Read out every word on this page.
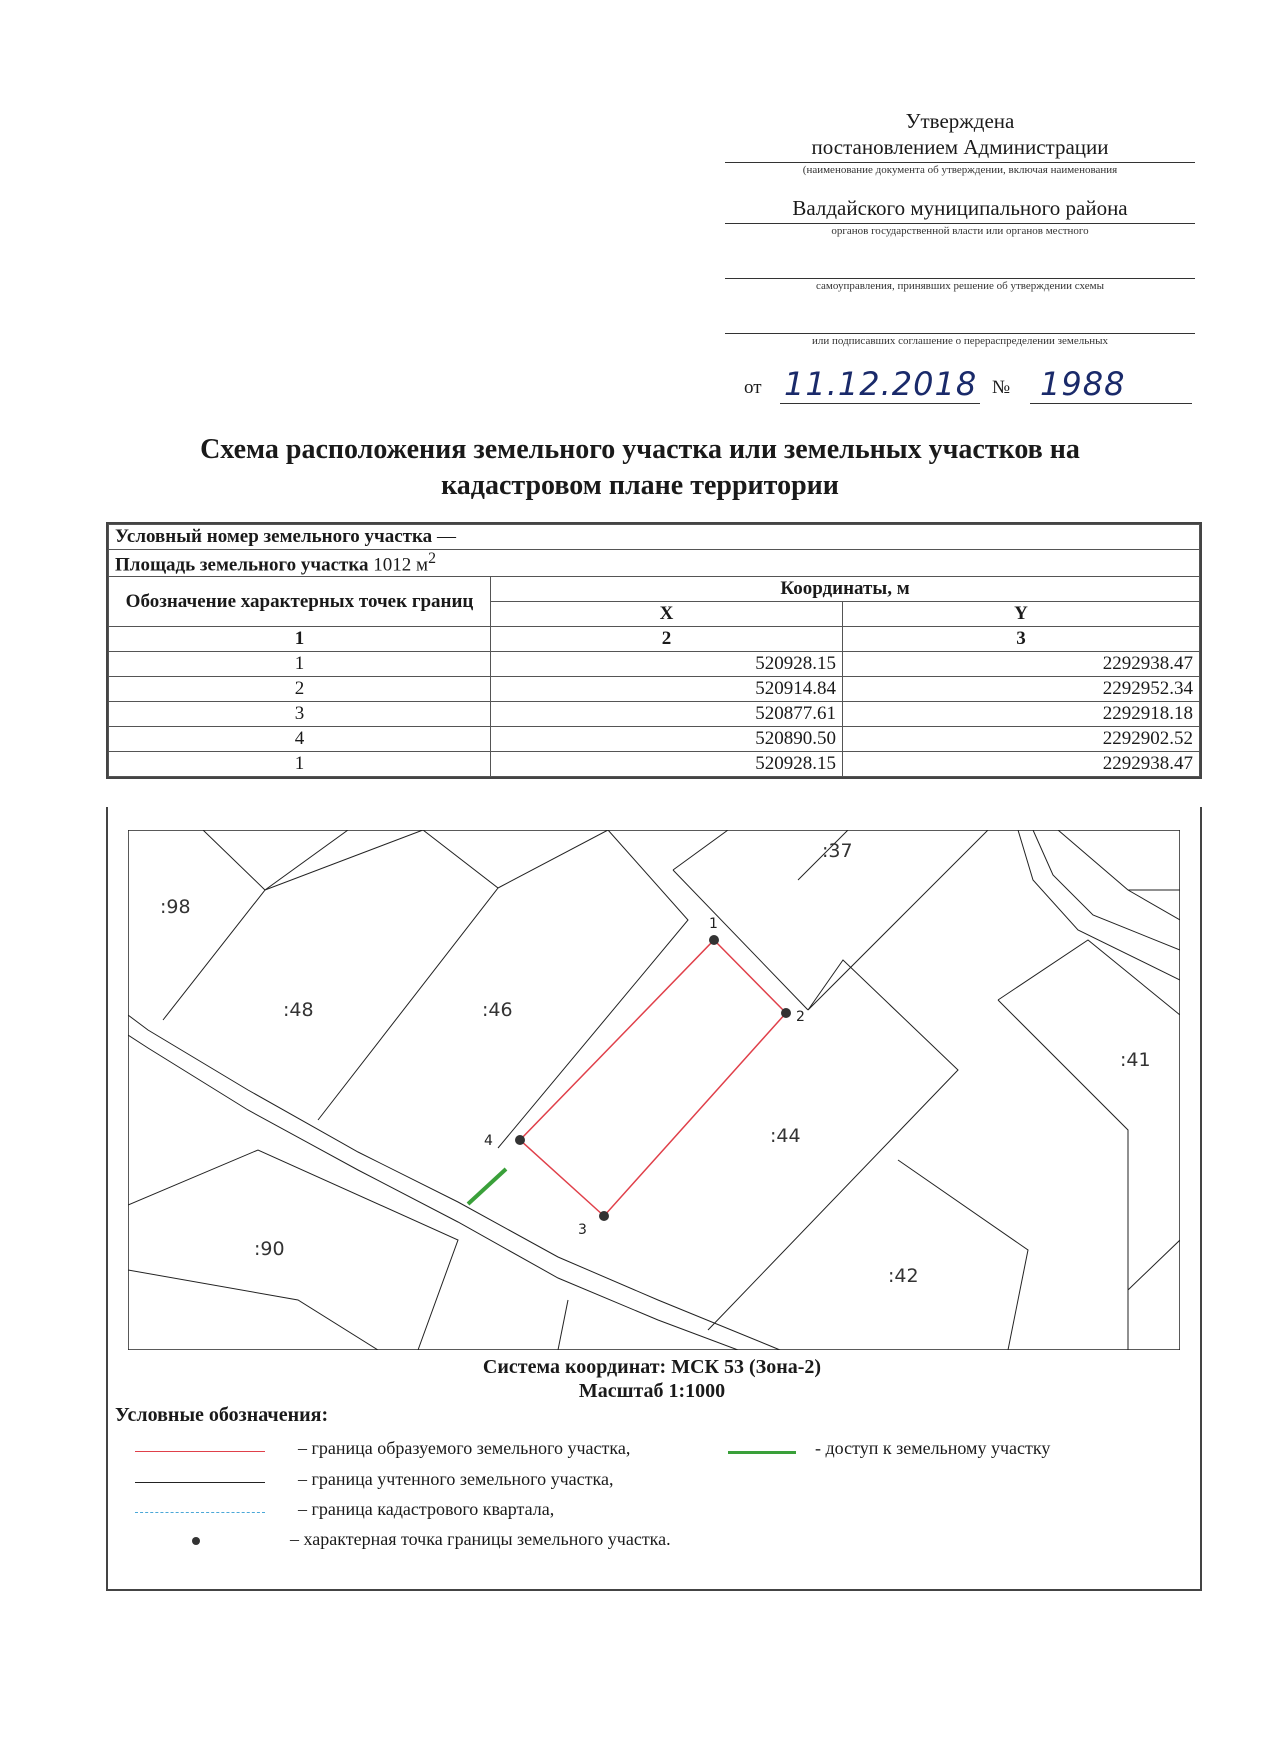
Утверждена
постановлением Администрации
(наименование документа об утверждении, включая наименования
Валдайского муниципального района
органов государственной власти или органов местного
самоуправления, принявших решение об утверждении схемы
или подписавших соглашение о перераспределении земельных
от 11.12.2018 № 1988
Схема расположения земельного участка или земельных участков на
кадастровом плане территории
Условный номер земельного участка —		
Площадь земельного участка 1012 $м^2$
Обозначение характерных точек границ	Координаты, м	
	X	Y
1	2	3
1	520928.15	2292938.47
2	520914.84	2292952.34
3	520877.61	2292918.18
4	520890.50	2292902.52
1	520928.15	2292938.47
1
2
3
4
:37
:98
:48	:46
:41
:44
:90
:42
Система координат: МСК 53 (Зона-2)
Масштаб 1:1000
Условные обозначения:
– граница образуемого земельного участка,	- доступ к земельному участку
– граница учтенного земельного участка,
– граница кадастрового квартала,
– характерная точка границы земельного участка.
